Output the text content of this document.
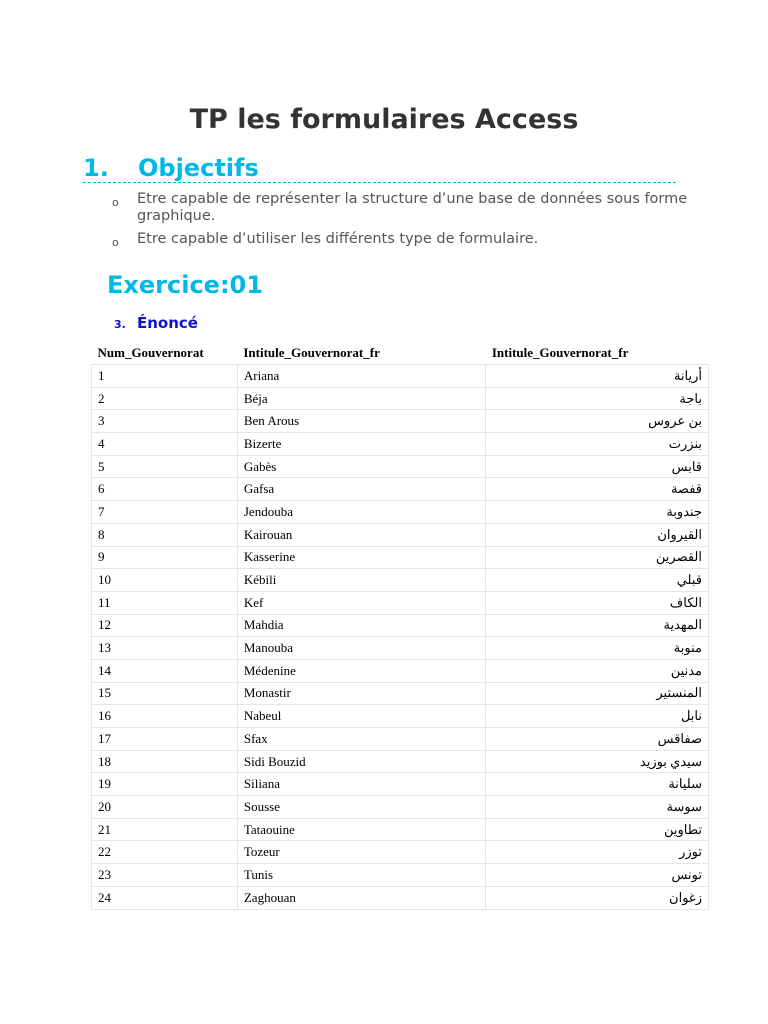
TP les formulaires Access
1. Objectifs
o Etre capable de représenter la structure d’une base de données sous forme graphique.
o Etre capable d’utiliser les différents type de formulaire.
Exercice:01
3. Énoncé
Num_Gouvernorat	Intitule_Gouvernorat_fr	Intitule_Gouvernorat_fr
1	Ariana	أريانة
2	Béja	باجة
3	Ben Arous	بن عروس
4	Bizerte	بنزرت
5	Gabès	قابس
6	Gafsa	قفصة
7	Jendouba	جندوبة
8	Kairouan	القيروان
9	Kasserine	القصرين
10	Kébili	قبلي
11	Kef	الكاف
12	Mahdia	المهدية
13	Manouba	منوبة
14	Médenine	مدنين
15	Monastir	المنستير
16	Nabeul	نابل
17	Sfax	صفاقس
18	Sidi Bouzid	سيدي بوزيد
19	Siliana	سليانة
20	Sousse	سوسة
21	Tataouine	تطاوين
22	Tozeur	توزر
23	Tunis	تونس
24	Zaghouan	زغوان
